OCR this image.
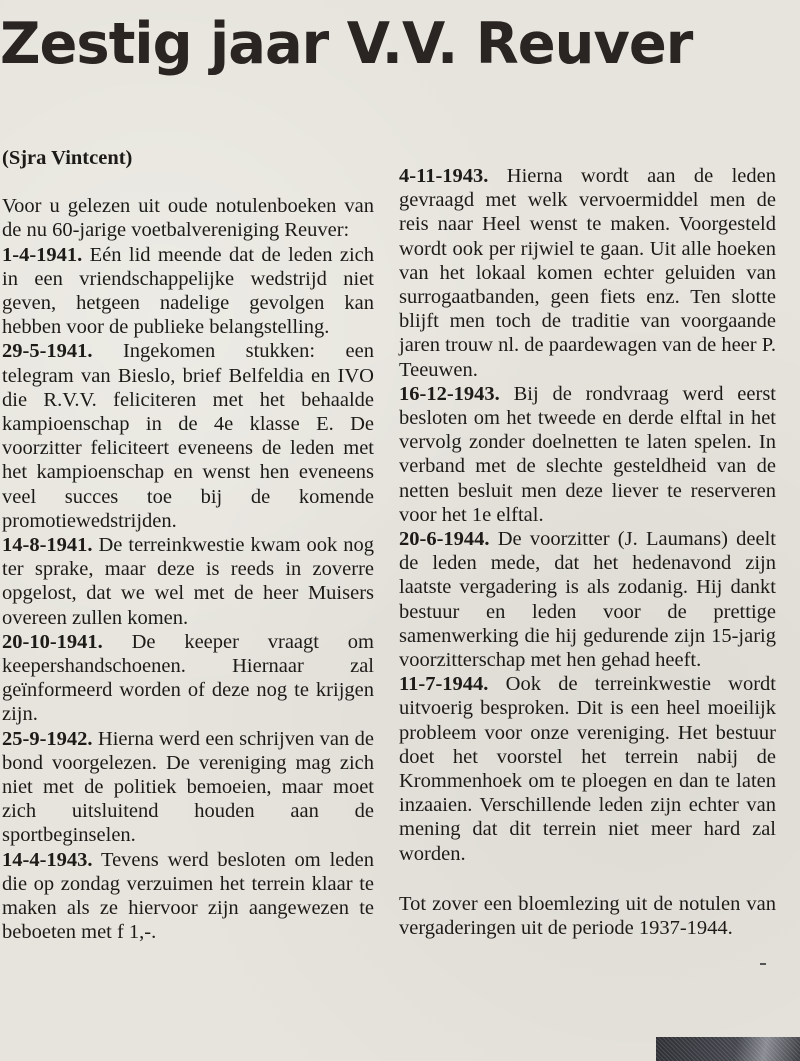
Zestig jaar V.V. Reuver

(Sjra Vintcent)

Voor u gelezen uit oude notulenboeken van de nu 60-jarige voetbalvereniging Reuver:

1-4-1941. Eén lid meende dat de leden zich in een vriendschappelijke wedstrijd niet geven, hetgeen nadelige gevolgen kan hebben voor de publieke belangstelling.

29-5-1941. Ingekomen stukken: een telegram van Bieslo, brief Belfeldia en IVO die R.V.V. feliciteren met het behaalde kampioenschap in de 4e klasse E. De voorzitter feliciteert eveneens de leden met het kampioenschap en wenst hen eveneens veel succes toe bij de komende promotiewedstrijden.

14-8-1941. De terreinkwestie kwam ook nog ter sprake, maar deze is reeds in zoverre opgelost, dat we wel met de heer Muisers overeen zullen komen.

20-10-1941. De keeper vraagt om keepershandschoenen. Hiernaar zal geïnformeerd worden of deze nog te krijgen zijn.

25-9-1942. Hierna werd een schrijven van de bond voorgelezen. De vereniging mag zich niet met de politiek bemoeien, maar moet zich uitsluitend houden aan de sportbeginselen.

14-4-1943. Tevens werd besloten om leden die op zondag verzuimen het terrein klaar te maken als ze hiervoor zijn aangewezen te beboeten met f 1,-.

4-11-1943. Hierna wordt aan de leden gevraagd met welk vervoermiddel men de reis naar Heel wenst te maken. Voorgesteld wordt ook per rijwiel te gaan. Uit alle hoeken van het lokaal komen echter geluiden van surrogaatbanden, geen fiets enz. Ten slotte blijft men toch de traditie van voorgaande jaren trouw nl. de paardewagen van de heer P. Teeuwen.

16-12-1943. Bij de rondvraag werd eerst besloten om het tweede en derde elftal in het vervolg zonder doelnetten te laten spelen. In verband met de slechte gesteldheid van de netten besluit men deze liever te reserveren voor het 1e elftal.

20-6-1944. De voorzitter (J. Laumans) deelt de leden mede, dat het hedenavond zijn laatste vergadering is als zodanig. Hij dankt bestuur en leden voor de prettige samenwerking die hij gedurende zijn 15-jarig voorzitterschap met hen gehad heeft.

11-7-1944. Ook de terreinkwestie wordt uitvoerig besproken. Dit is een heel moeilijk probleem voor onze vereniging. Het bestuur doet het voorstel het terrein nabij de Krommenhoek om te ploegen en dan te laten inzaaien. Verschillende leden zijn echter van mening dat dit terrein niet meer hard zal worden.

Tot zover een bloemlezing uit de notulen van vergaderingen uit de periode 1937-1944.
